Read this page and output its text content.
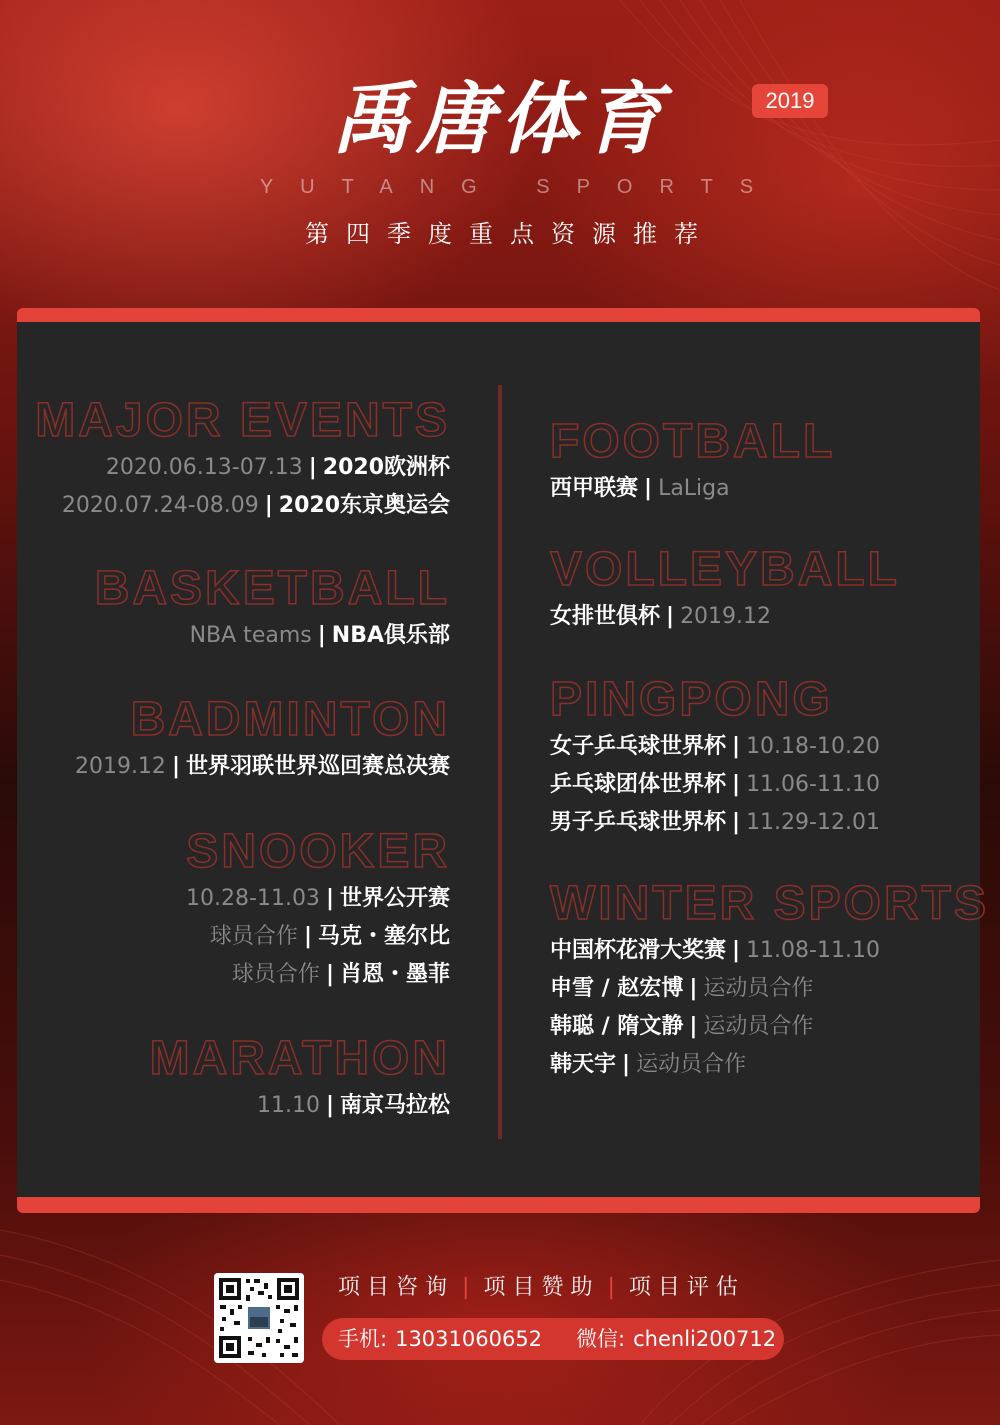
禹唐体育	2019
YUTANG SPORTS
第四季度重点资源推荐
MAJOR EVENTS
2020.06.13-07.13 | 2020欧洲杯
2020.07.24-08.09 | 2020东京奥运会
BASKETBALL
NBA teams | NBA俱乐部
BADMINTON
2019.12 | 世界羽联世界巡回赛总决赛
SNOOKER
10.28-11.03 | 世界公开赛
球员合作 | 马克・塞尔比
球员合作 | 肖恩・墨菲
MARATHON
11.10 | 南京马拉松
FOOTBALL
西甲联赛 | LaLiga
VOLLEYBALL
女排世俱杯 | 2019.12
PINGPONG
女子乒乓球世界杯 | 10.18-10.20
乒乓球团体世界杯 | 11.06-11.10
男子乒乓球世界杯 | 11.29-12.01
WINTER SPORTS
中国杯花滑大奖赛 | 11.08-11.10
申雪 / 赵宏博 | 运动员合作
韩聪 / 隋文静 | 运动员合作
韩天宇 | 运动员合作
项目咨询 | 项目赞助 | 项目评估
手机: 13031060652 微信: chenli200712
